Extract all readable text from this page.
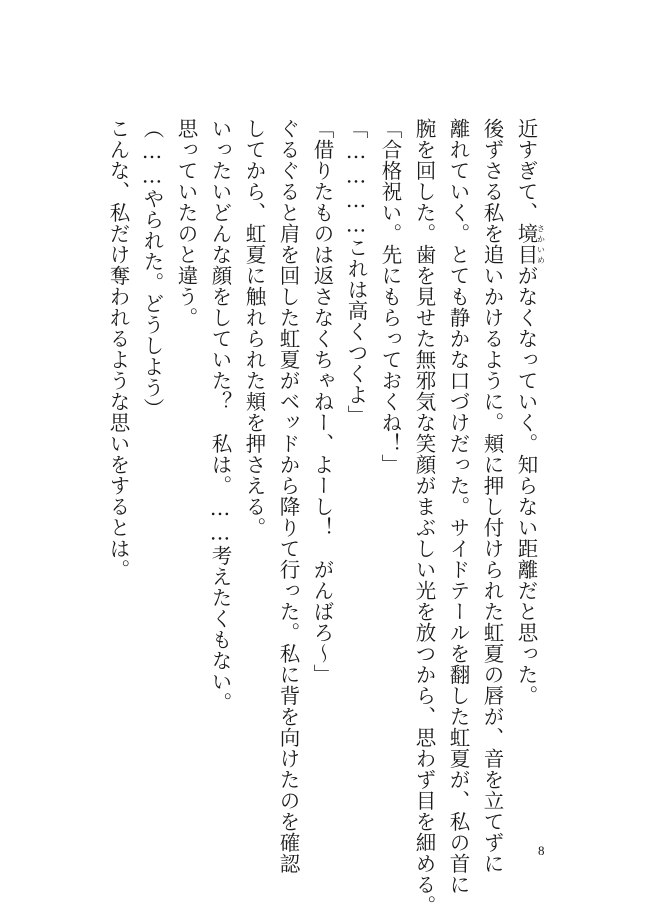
近すぎて、境目さかいめがなくなっていく。知らない距離だと思った。
後ずさる私を追いかけるように。頬に押し付けられた虹夏の唇が、音を立てずに
離れていく。とても静かな口づけだった。サイドテールを翻した虹夏が、私の首に
腕を回した。歯を見せた無邪気な笑顔がまぶしい光を放つから、思わず目を細める。
「合格祝い。先にもらっておくね！」
「…………これは高くつくよ」
「借りたものは返さなくちゃねー、よーし！　がんばろ〜」
ぐるぐると肩を回した虹夏がベッドから降りて行った。私に背を向けたのを確認
してから、虹夏に触れられた頬を押さえる。
いったいどんな顔をしていた？　私は。……考えたくもない。
思っていたのと違う。
（……やられた。どうしよう）
こんな、私だけ奪われるような思いをするとは。
8
